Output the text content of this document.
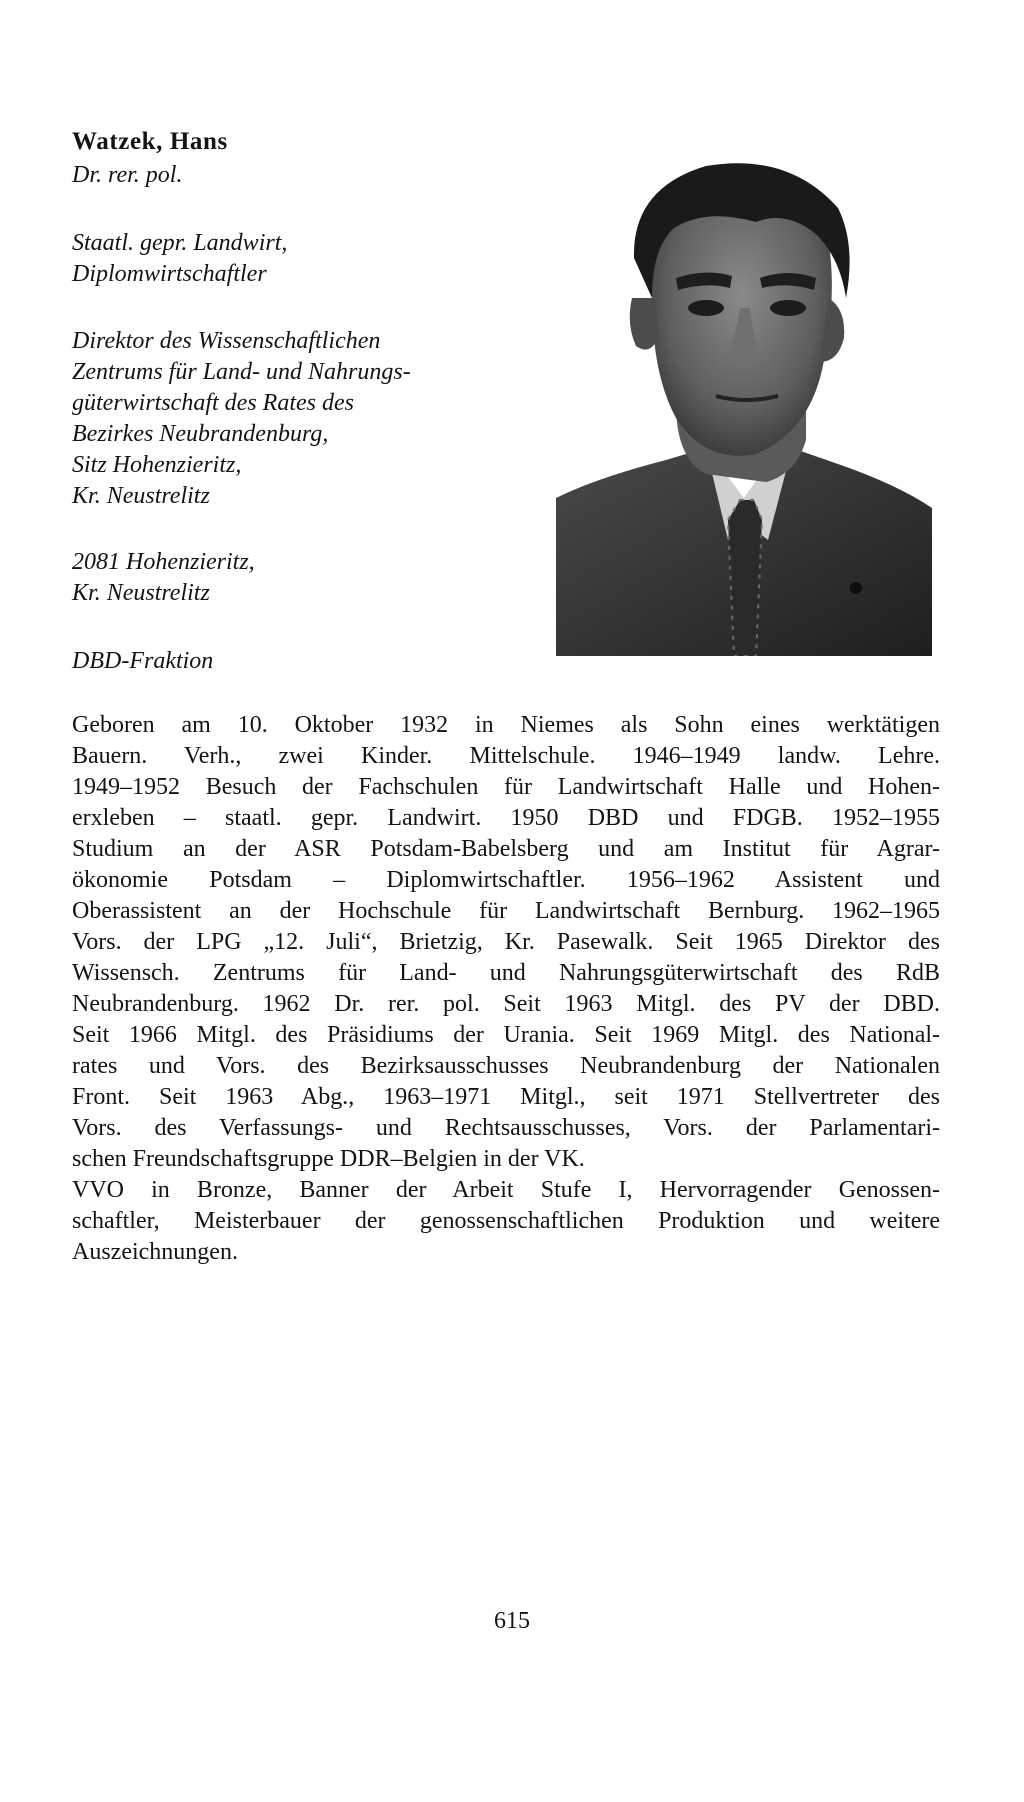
Watzek, Hans

Dr. rer. pol.

Staatl. gepr. Landwirt,
Diplomwirtschaftler

Direktor des Wissenschaftlichen
Zentrums für Land- und Nahrungs-
güterwirtschaft des Rates des
Bezirkes Neubrandenburg,
Sitz Hohenzieritz,
Kr. Neustrelitz

2081 Hohenzieritz,
Kr. Neustrelitz

DBD-Fraktion

Geboren am 10. Oktober 1932 in Niemes als Sohn eines werktätigen
Bauern. Verh., zwei Kinder. Mittelschule. 1946–1949 landw. Lehre.
1949–1952 Besuch der Fachschulen für Landwirtschaft Halle und Hohen-
erxleben – staatl. gepr. Landwirt. 1950 DBD und FDGB. 1952–1955
Studium an der ASR Potsdam-Babelsberg und am Institut für Agrar-
ökonomie Potsdam – Diplomwirtschaftler. 1956–1962 Assistent und
Oberassistent an der Hochschule für Landwirtschaft Bernburg. 1962–1965
Vors. der LPG „12. Juli“, Brietzig, Kr. Pasewalk. Seit 1965 Direktor des
Wissensch. Zentrums für Land- und Nahrungsgüterwirtschaft des RdB
Neubrandenburg. 1962 Dr. rer. pol. Seit 1963 Mitgl. des PV der DBD.
Seit 1966 Mitgl. des Präsidiums der Urania. Seit 1969 Mitgl. des National-
rates und Vors. des Bezirksausschusses Neubrandenburg der Nationalen
Front. Seit 1963 Abg., 1963–1971 Mitgl., seit 1971 Stellvertreter des
Vors. des Verfassungs- und Rechtsausschusses, Vors. der Parlamentari-
schen Freundschaftsgruppe DDR–Belgien in der VK.
VVO in Bronze, Banner der Arbeit Stufe I, Hervorragender Genossen-
schaftler, Meisterbauer der genossenschaftlichen Produktion und weitere
Auszeichnungen.
615
